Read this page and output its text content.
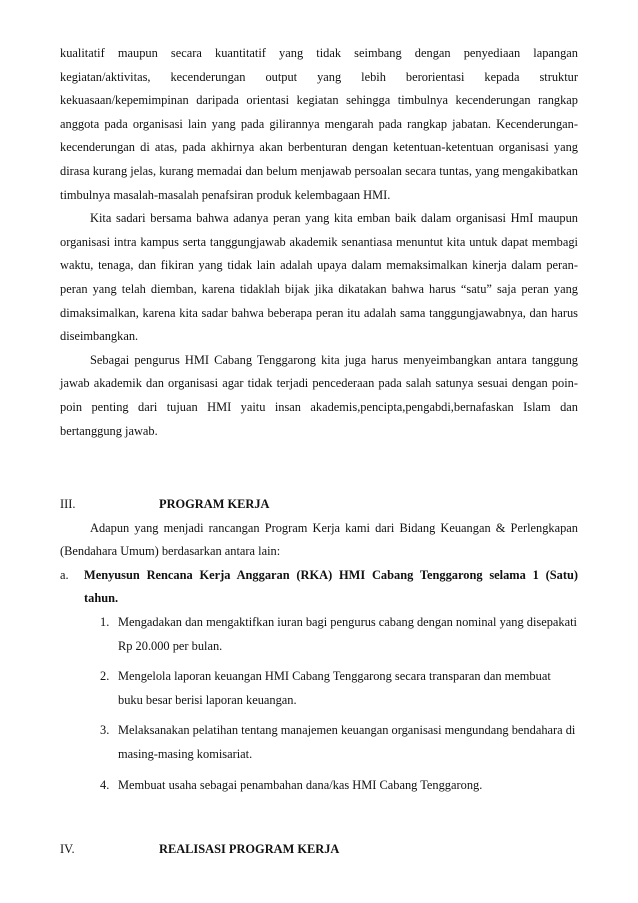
kualitatif maupun secara kuantitatif yang tidak seimbang dengan penyediaan lapangan kegiatan/aktivitas, kecenderungan output yang lebih berorientasi kepada struktur kekuasaan/kepemimpinan daripada orientasi kegiatan sehingga timbulnya kecenderungan rangkap anggota pada organisasi lain yang pada gilirannya mengarah pada rangkap jabatan. Kecenderungan-kecenderungan di atas, pada akhirnya akan berbenturan dengan ketentuan-ketentuan organisasi yang dirasa kurang jelas, kurang memadai dan belum menjawab persoalan secara tuntas, yang mengakibatkan timbulnya masalah-masalah penafsiran produk kelembagaan HMI.

Kita sadari bersama bahwa adanya peran yang kita emban baik dalam organisasi HmI maupun organisasi intra kampus serta tanggungjawab akademik senantiasa menuntut kita untuk dapat membagi waktu, tenaga, dan fikiran yang tidak lain adalah upaya dalam memaksimalkan kinerja dalam peran-peran yang telah diemban, karena tidaklah bijak jika dikatakan bahwa harus “satu” saja peran yang dimaksimalkan, karena kita sadar bahwa beberapa peran itu adalah sama tanggungjawabnya, dan harus diseimbangkan.

Sebagai pengurus HMI Cabang Tenggarong kita juga harus menyeimbangkan antara tanggung jawab akademik dan organisasi agar tidak terjadi pencederaan pada salah satunya sesuai dengan poin-poin penting dari tujuan HMI yaitu insan akademis,pencipta,pengabdi,bernafaskan Islam dan bertanggung jawab.

III.	PROGRAM KERJA

Adapun yang menjadi rancangan Program Kerja kami dari Bidang Keuangan & Perlengkapan (Bendahara Umum) berdasarkan antara lain:

a.	Menyusun Rencana Kerja Anggaran (RKA) HMI Cabang Tenggarong selama 1 (Satu) tahun.
1. Mengadakan dan mengaktifkan iuran bagi pengurus cabang dengan nominal yang disepakati Rp 20.000 per bulan.
2. Mengelola laporan keuangan HMI Cabang Tenggarong secara transparan dan membuat buku besar berisi laporan keuangan.
3. Melaksanakan pelatihan tentang manajemen keuangan organisasi mengundang bendahara di masing-masing komisariat.
4. Membuat usaha sebagai penambahan dana/kas HMI Cabang Tenggarong.
IV.	REALISASI PROGRAM KERJA
